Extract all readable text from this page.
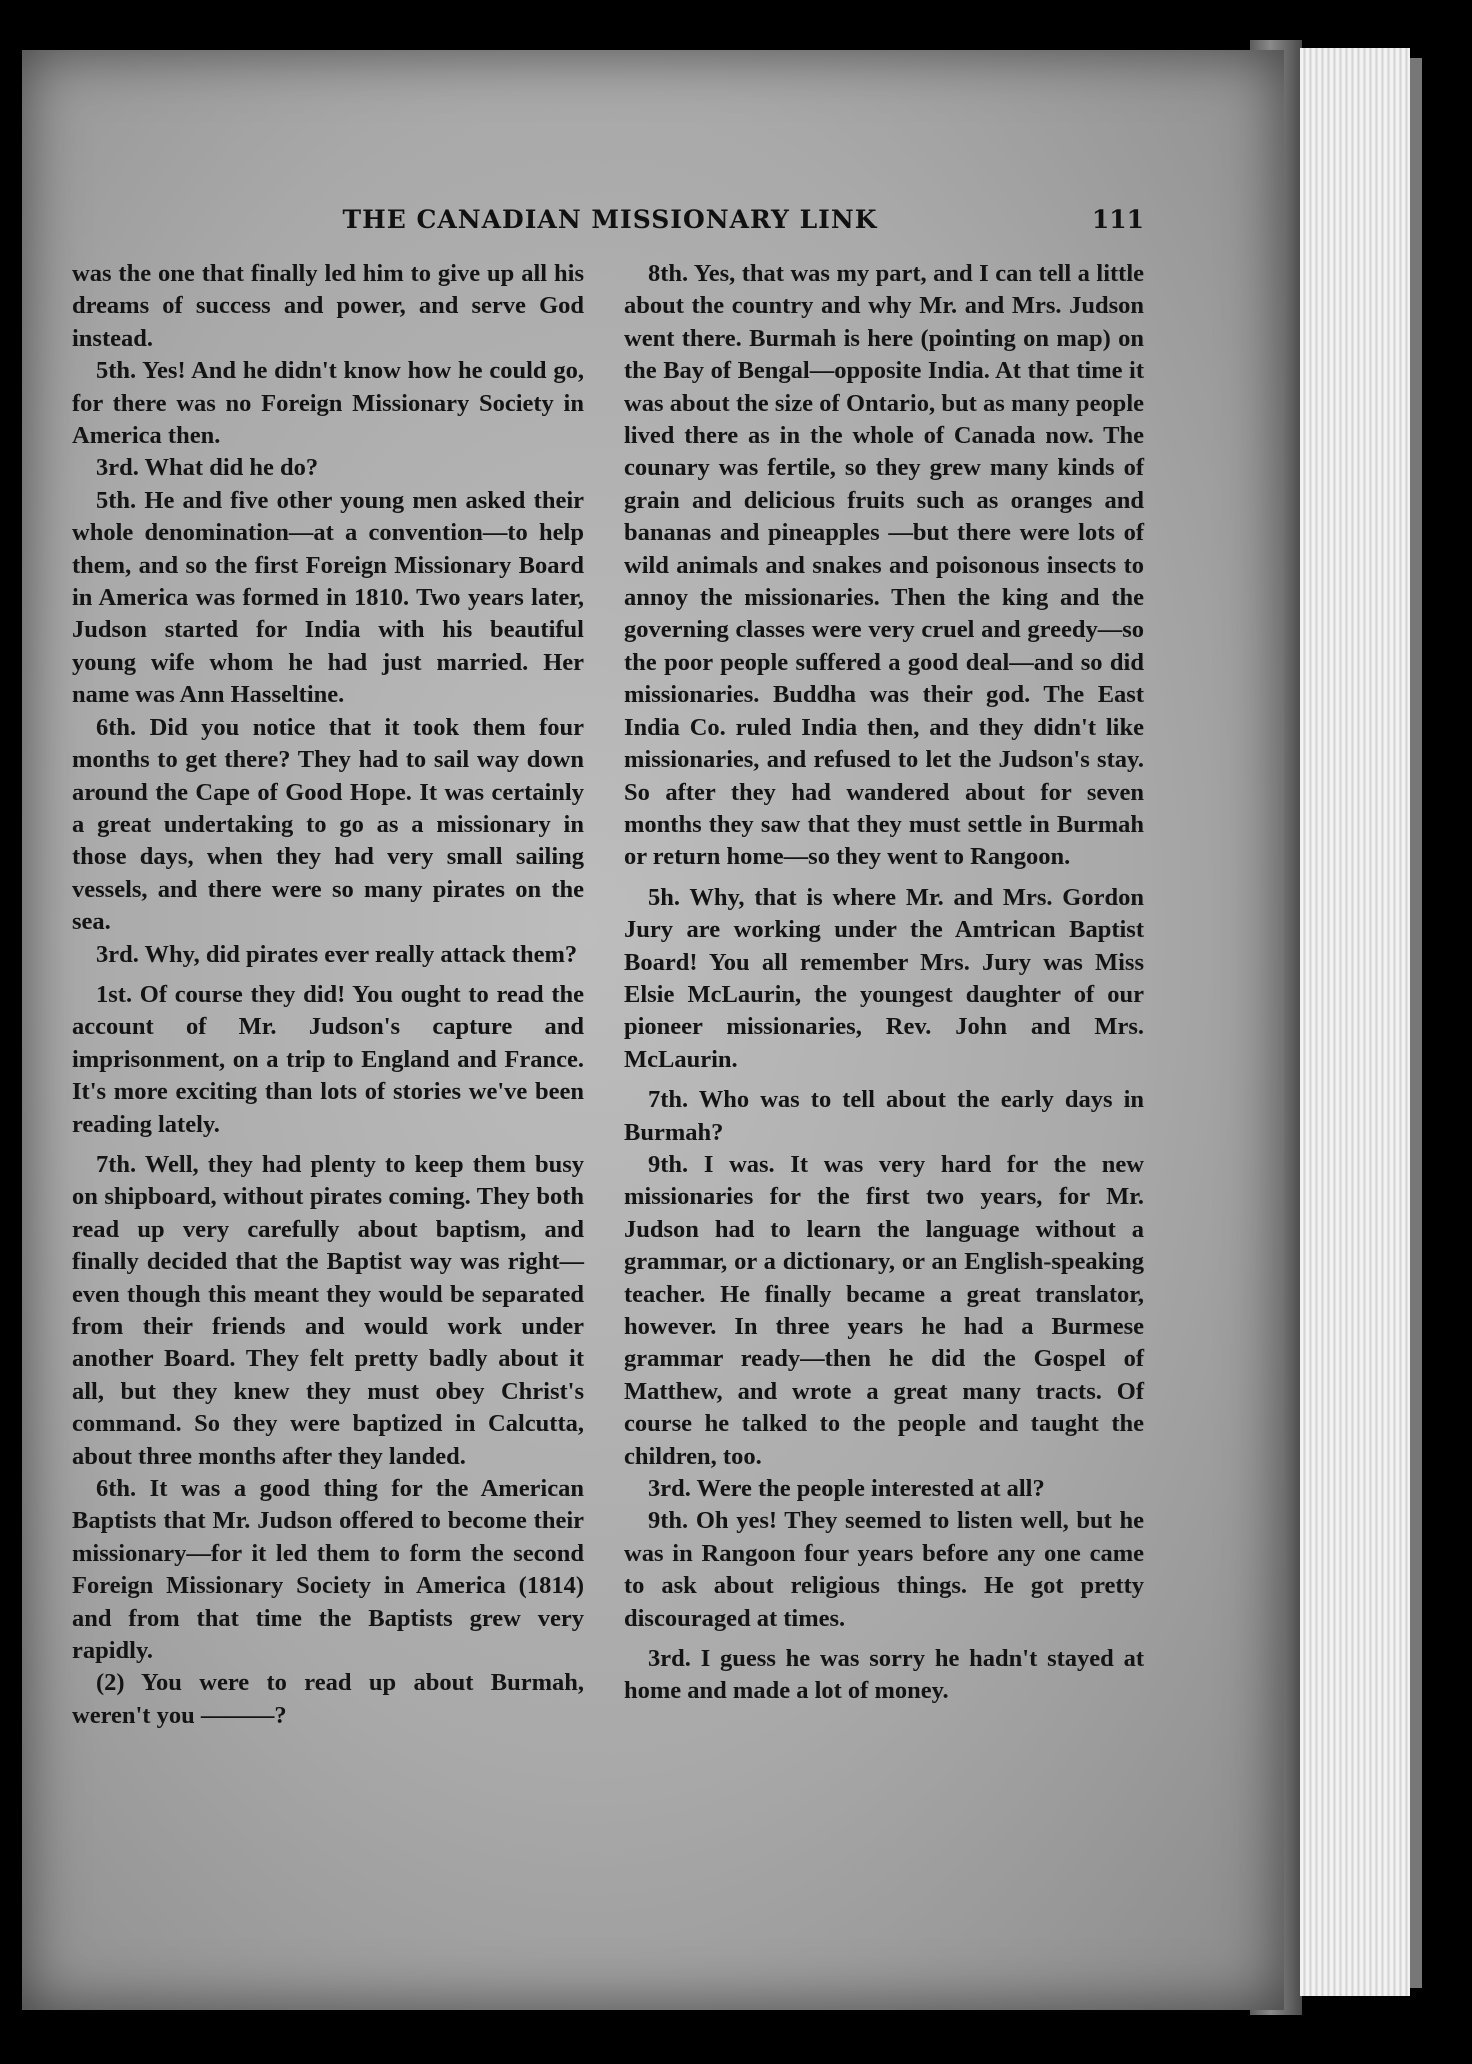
THE CANADIAN MISSIONARY LINK	111

was the one that finally led him to give up all his dreams of success and power, and serve God instead.

5th. Yes! And he didn't know how he could go, for there was no Foreign Missionary Society in America then.

3rd. What did he do?

5th. He and five other young men asked their whole denomination—at a convention—to help them, and so the first Foreign Missionary Board in America was formed in 1810. Two years later, Judson started for India with his beautiful young wife whom he had just married. Her name was Ann Hasseltine.

6th. Did you notice that it took them four months to get there? They had to sail way down around the Cape of Good Hope. It was certainly a great undertaking to go as a missionary in those days, when they had very small sailing vessels, and there were so many pirates on the sea.

3rd. Why, did pirates ever really attack them?

1st. Of course they did! You ought to read the account of Mr. Judson's capture and imprisonment, on a trip to England and France. It's more exciting than lots of stories we've been reading lately.

7th. Well, they had plenty to keep them busy on shipboard, without pirates coming. They both read up very carefully about baptism, and finally decided that the Baptist way was right—even though this meant they would be separated from their friends and would work under another Board. They felt pretty badly about it all, but they knew they must obey Christ's command. So they were baptized in Calcutta, about three months after they landed.

6th. It was a good thing for the American Baptists that Mr. Judson offered to become their missionary—for it led them to form the second Foreign Missionary Society in America (1814) and from that time the Baptists grew very rapidly.

(2) You were to read up about Burmah, weren't you ———?

8th. Yes, that was my part, and I can tell a little about the country and why Mr. and Mrs. Judson went there. Burmah is here (pointing on map) on the Bay of Bengal—opposite India. At that time it was about the size of Ontario, but as many people lived there as in the whole of Canada now. The counary was fertile, so they grew many kinds of grain and delicious fruits such as oranges and bananas and pineapples —but there were lots of wild animals and snakes and poisonous insects to annoy the missionaries. Then the king and the governing classes were very cruel and greedy—so the poor people suffered a good deal—and so did missionaries. Buddha was their god. The East India Co. ruled India then, and they didn't like missionaries, and refused to let the Judson's stay. So after they had wandered about for seven months they saw that they must settle in Burmah or return home—so they went to Rangoon.

5h. Why, that is where Mr. and Mrs. Gordon Jury are working under the Amtrican Baptist Board! You all remember Mrs. Jury was Miss Elsie McLaurin, the youngest daughter of our pioneer missionaries, Rev. John and Mrs. McLaurin.

7th. Who was to tell about the early days in Burmah?

9th. I was. It was very hard for the new missionaries for the first two years, for Mr. Judson had to learn the language without a grammar, or a dictionary, or an English-speaking teacher. He finally became a great translator, however. In three years he had a Burmese grammar ready—then he did the Gospel of Matthew, and wrote a great many tracts. Of course he talked to the people and taught the children, too.

3rd. Were the people interested at all?

9th. Oh yes! They seemed to listen well, but he was in Rangoon four years before any one came to ask about religious things. He got pretty discouraged at times.

3rd. I guess he was sorry he hadn't stayed at home and made a lot of money.
